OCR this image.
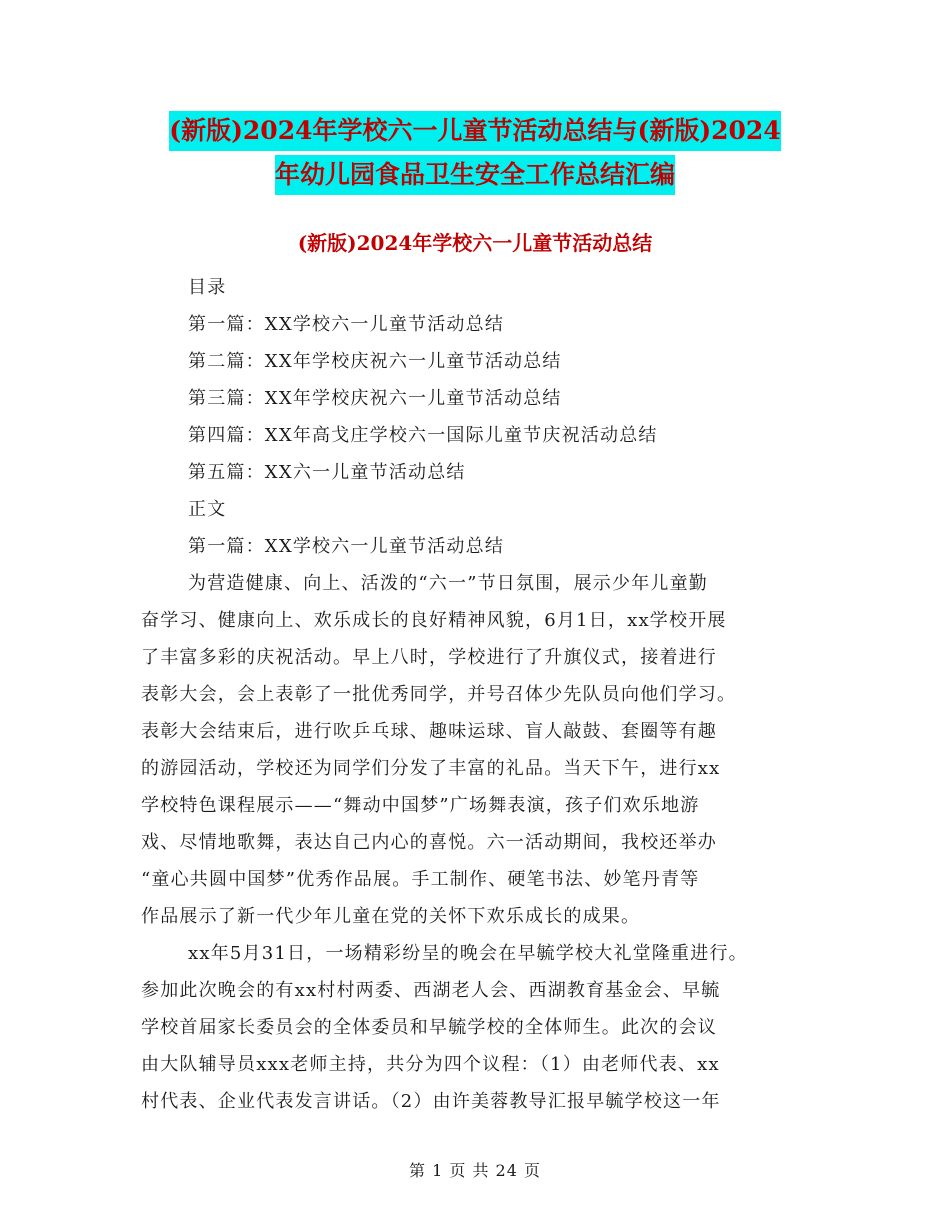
(新版)2024年学校六一儿童节活动总结与(新版)2024
年幼儿园食品卫生安全工作总结汇编
(新版)2024年学校六一儿童节活动总结
目录
第一篇：XX学校六一儿童节活动总结
第二篇：XX年学校庆祝六一儿童节活动总结
第三篇：XX年学校庆祝六一儿童节活动总结
第四篇：XX年高戈庄学校六一国际儿童节庆祝活动总结
第五篇：XX六一儿童节活动总结
正文
第一篇：XX学校六一儿童节活动总结
为营造健康、向上、活泼的“六一”节日氛围，展示少年儿童勤
奋学习、健康向上、欢乐成长的良好精神风貌，6月1日，xx学校开展
了丰富多彩的庆祝活动。早上八时，学校进行了升旗仪式，接着进行
表彰大会，会上表彰了一批优秀同学，并号召体少先队员向他们学习。
表彰大会结束后，进行吹乒乓球、趣味运球、盲人敲鼓、套圈等有趣
的游园活动，学校还为同学们分发了丰富的礼品。当天下午，进行xx
学校特色课程展示——“舞动中国梦”广场舞表演，孩子们欢乐地游
戏、尽情地歌舞，表达自己内心的喜悦。六一活动期间，我校还举办
“童心共圆中国梦”优秀作品展。手工制作、硬笔书法、妙笔丹青等
作品展示了新一代少年儿童在党的关怀下欢乐成长的成果。
xx年5月31日，一场精彩纷呈的晚会在早毓学校大礼堂隆重进行。
参加此次晚会的有xx村村两委、西湖老人会、西湖教育基金会、早毓
学校首届家长委员会的全体委员和早毓学校的全体师生。此次的会议
由大队辅导员xxx老师主持，共分为四个议程：（1）由老师代表、xx
村代表、企业代表发言讲话。（2）由许美蓉教导汇报早毓学校这一年
第 1 页 共 24 页
